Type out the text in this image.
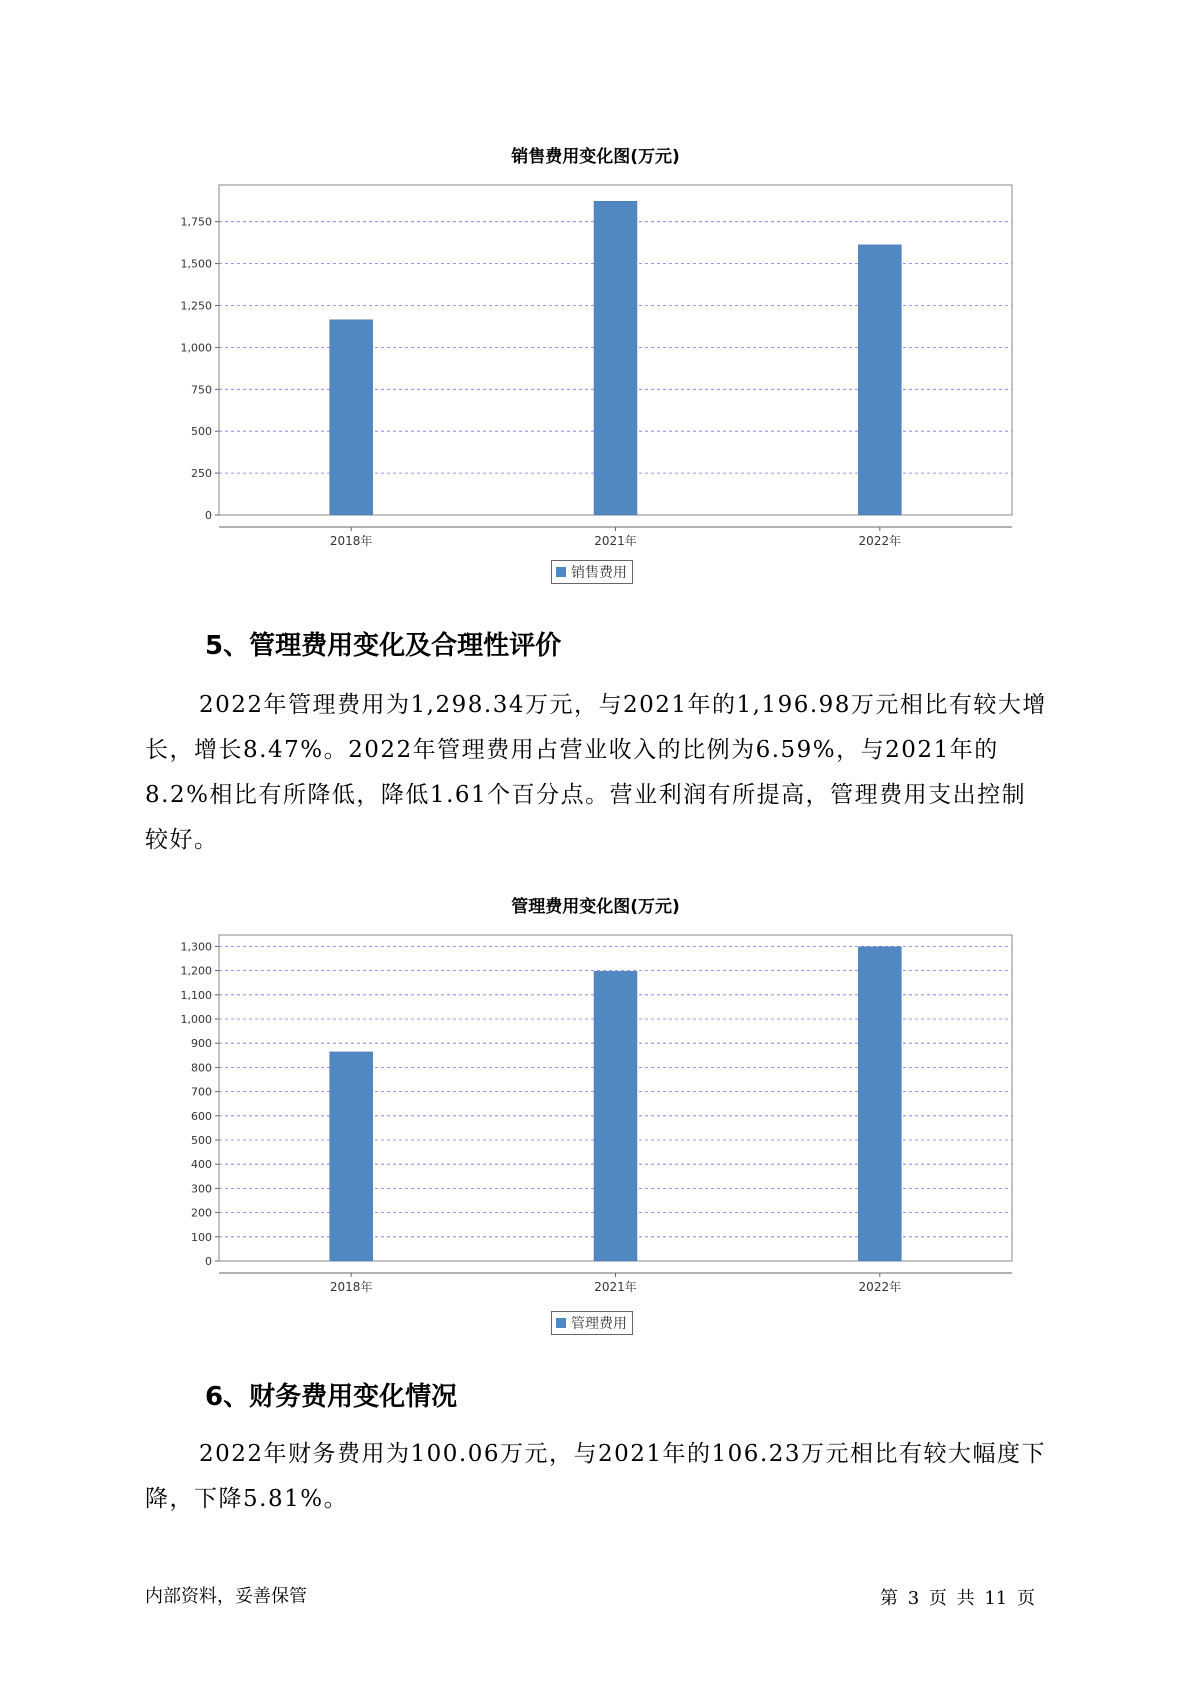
销售费用变化图(万元)
0
250
500
750
1,000
1,250
1,500
1,750
2018年	2021年	2022年
销售费用
5、管理费用变化及合理性评价
2022年管理费用为1,298.34万元，与2021年的1,196.98万元相比有较大增长，增长8.47%。2022年管理费用占营业收入的比例为6.59%，与2021年的8.2%相比有所降低，降低1.61个百分点。营业利润有所提高，管理费用支出控制较好。
管理费用变化图(万元)
0
100
200
300
400
500
600
700
800
900
1,000
1,100
1,200
1,300
2018年	2021年	2022年
管理费用
6、财务费用变化情况
2022年财务费用为100.06万元，与2021年的106.23万元相比有较大幅度下降，下降5.81%。
内部资料，妥善保管	第 3 页 共 11 页
